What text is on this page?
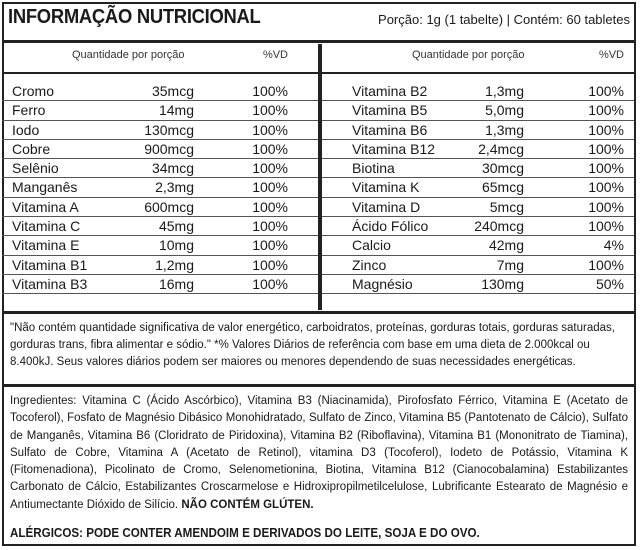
INFORMAÇÃO NUTRICIONAL	Porção: 1g (1 tabelte) | Contém: 60 tabletes
Quantidade por porção	%VD
Cromo	35mcg	100%
Ferro	14mg	100%
Iodo	130mcg	100%
Cobre	900mcg	100%
Selênio	34mcg	100%
Manganês	2,3mg	100%
Vitamina A	600mcg	100%
Vitamina C	45mg	100%
Vitamina E	10mg	100%
Vitamina B1	1,2mg	100%
Vitamina B3	16mg	100%
Quantidade por porção	%VD
Vitamina B2	1,3mg	100%
Vitamina B5	5,0mg	100%
Vitamina B6	1,3mg	100%
Vitamina B12	2,4mcg	100%
Biotina	30mcg	100%
Vitamina K	65mcg	100%
Vitamina D	5mcg	100%
Ácido Fólico	240mcg	100%
Calcio	42mg	4%
Zinco	7mg	100%
Magnésio	130mg	50%
"Não contém quantidade significativa de valor energético, carboidratos, proteínas, gorduras totais, gorduras saturadas, gorduras trans, fibra alimentar e sódio." *% Valores Diários de referência com base em uma dieta de 2.000kcal ou 8.400kJ. Seus valores diários podem ser maiores ou menores dependendo de suas necessidades energéticas.
Ingredientes: Vitamina C (Ácido Ascórbico), Vitamina B3 (Niacinamida), Pirofosfato Férrico, Vitamina E (Acetato de Tocoferol), Fosfato de Magnésio Dibásico Monohidratado, Sulfato de Zinco, Vitamina B5 (Pantotenato de Cálcio), Sulfato de Manganês, Vitamina B6 (Cloridrato de Piridoxina), Vitamina B2 (Riboflavina), Vitamina B1 (Mononitrato de Tiamina), Sulfato de Cobre, Vitamina A (Acetato de Retinol), vitamina D3 (Tocoferol), Iodeto de Potássio, Vitamina K (Fitomenadiona), Picolinato de Cromo, Selenometionina, Biotina, Vitamina B12 (Cianocobalamina) Estabilizantes Carbonato de Cálcio, Estabilizantes Croscarmelose e Hidroxipropilmetilcelulose, Lubrificante Estearato de Magnésio e Antiumectante Dióxido de Silício. NÃO CONTÉM GLÚTEN.
ALÉRGICOS: PODE CONTER AMENDOIM E DERIVADOS DO LEITE, SOJA E DO OVO.
